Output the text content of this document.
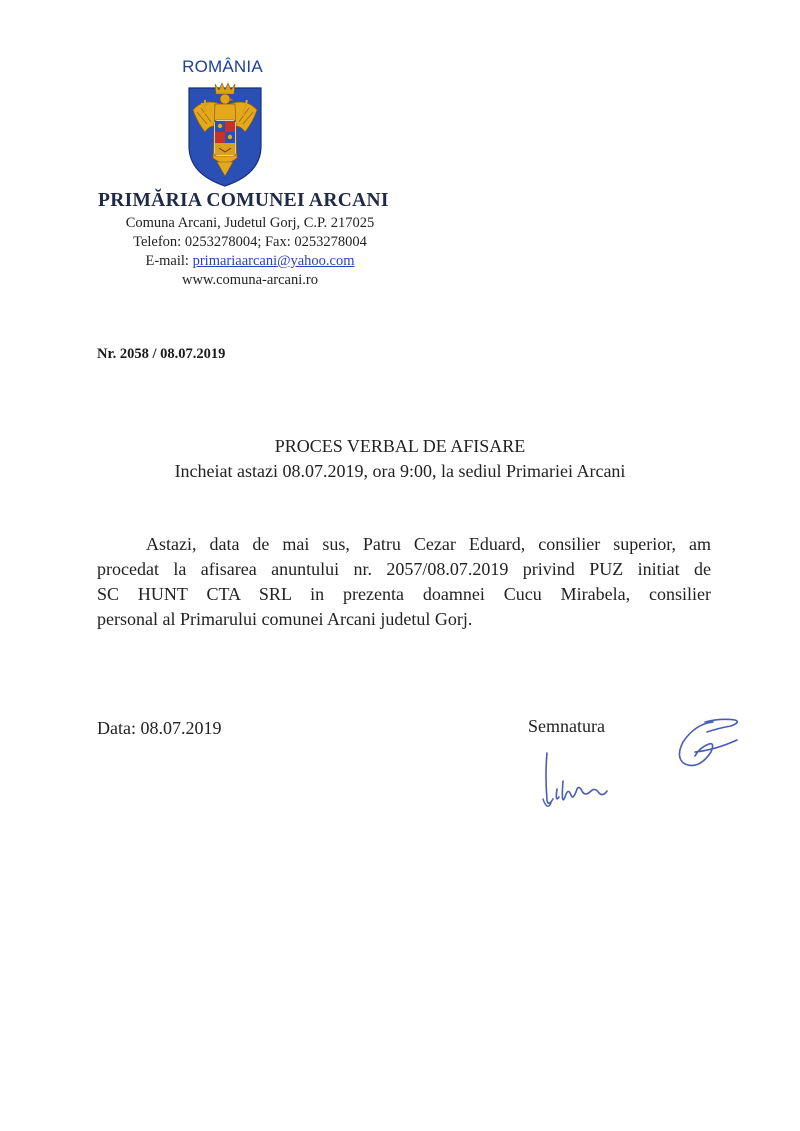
ROMÂNIA
PRIMĂRIA COMUNEI ARCANI
Comuna Arcani, Judetul Gorj, C.P. 217025
Telefon: 0253278004; Fax: 0253278004
E-mail: primariaarcani@yahoo.com
www.comuna-arcani.ro
Nr. 2058 / 08.07.2019
PROCES VERBAL DE AFISARE
Incheiat astazi 08.07.2019, ora 9:00, la sediul Primariei Arcani
Astazi, data de mai sus, Patru Cezar Eduard, consilier superior, am
procedat la afisarea anuntului nr. 2057/08.07.2019 privind PUZ initiat de
SC HUNT CTA SRL in prezenta doamnei Cucu Mirabela, consilier
personal al Primarului comunei Arcani judetul Gorj.
Data: 08.07.2019	Semnatura
